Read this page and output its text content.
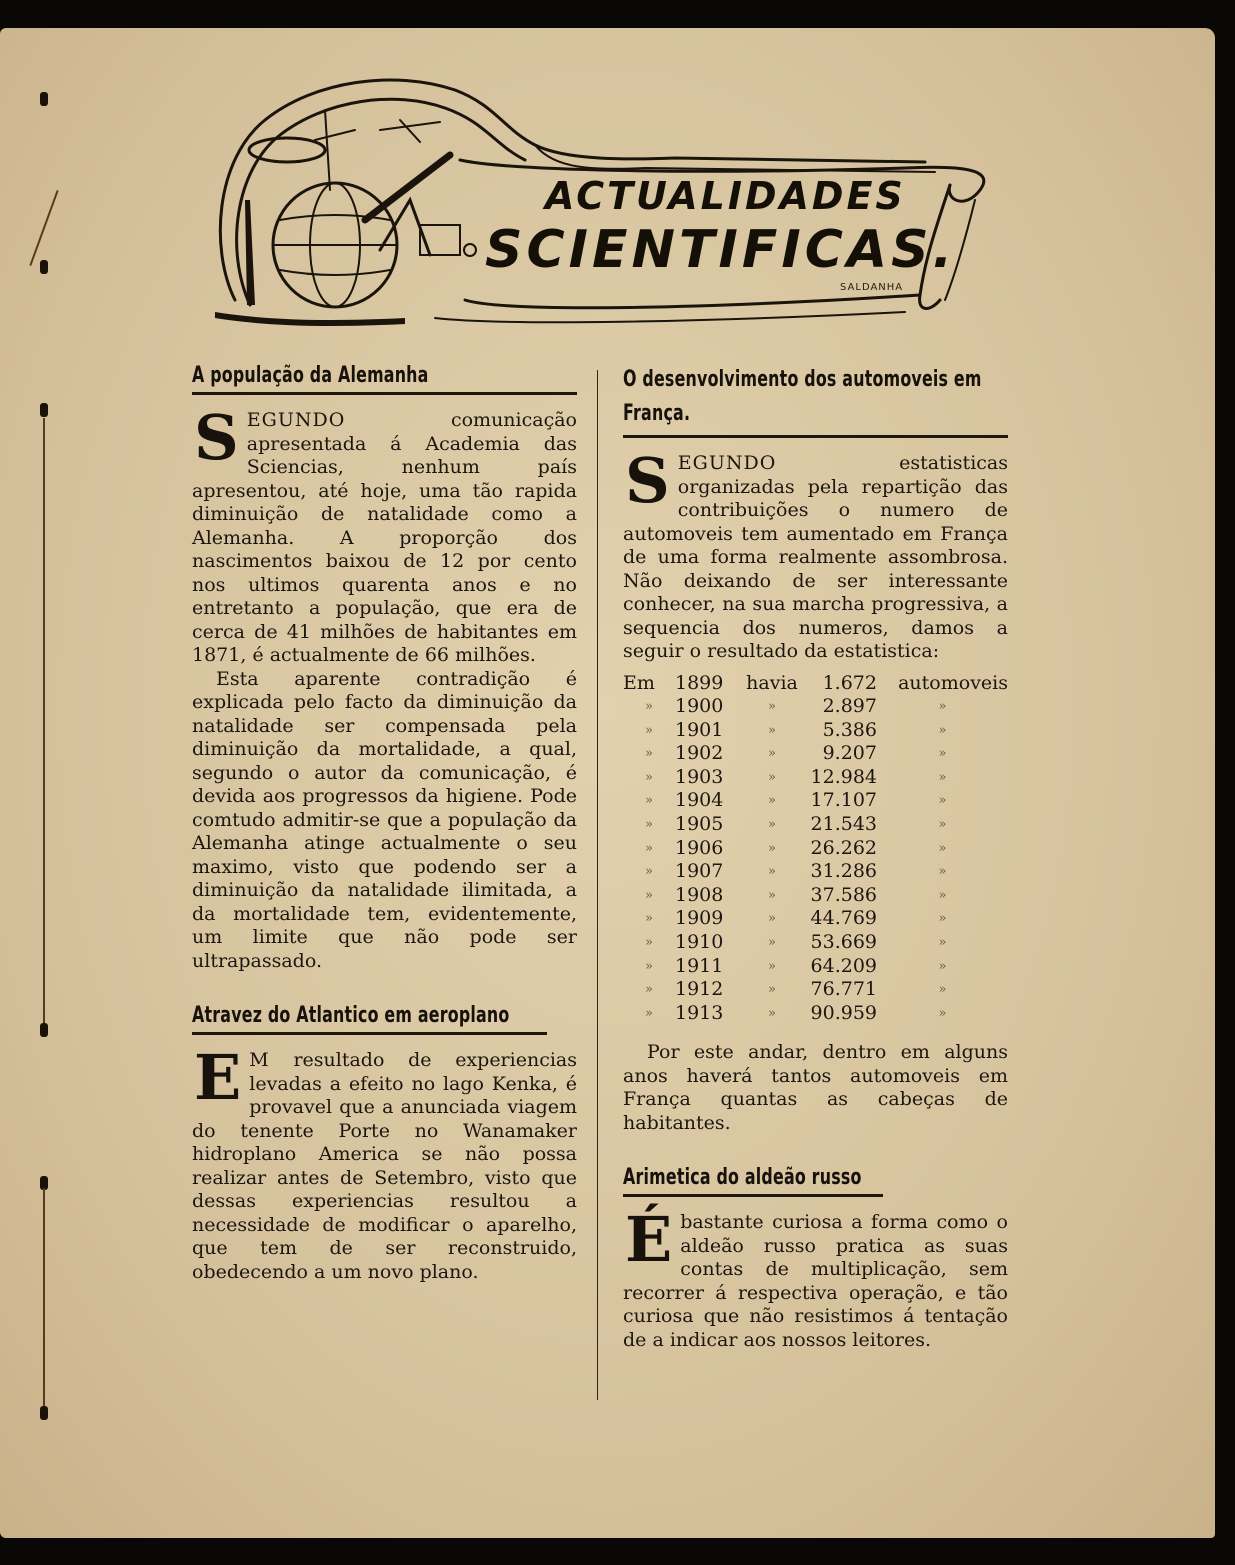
ACTUALIDADES
SCIENTIFICAS.
SALDANHA
A população da Alemanha

SEGUNDO	comunicação apresentada á Academia das Sciencias, nenhum país apresentou, até hoje, uma tão rapida diminuição de natalidade como a Alemanha. A proporção dos nascimentos baixou de 12 por cento nos ultimos quarenta anos e no entretanto a população, que era de cerca de 41 milhões de habitantes em 1871, é actualmente de 66 milhões.

Esta aparente contradição é explicada pelo facto da diminuição da natalidade ser compensada pela diminuição da mortalidade, a qual, segundo o autor da comunicação, é devida aos progressos da higiene. Pode comtudo admitir-se que a população da Alemanha atinge actualmente o seu maximo, visto que podendo ser a diminuição da natalidade ilimitada, a da mortalidade tem, evidentemente, um limite que não pode ser ultrapassado.

Atravez do Atlantico em aeroplano

E M resultado de experiencias levadas a efeito no lago Kenka, é provavel que a anunciada viagem do tenente Porte no Wanamaker hidroplano America se não possa realizar antes de Setembro, visto que dessas experiencias resultou a necessidade de modificar o aparelho, que tem de ser reconstruido, obedecendo a um novo plano.

O desenvolvimento dos automoveis em França.

SEGUNDO	estatisticas organizadas pela repartição das contribuições o numero de automoveis tem aumentado em França de uma forma realmente assombrosa. Não deixando de ser interessante conhecer, na sua marcha progressiva, a sequencia dos numeros, damos a seguir o resultado da estatistica:

Em	1899	havia	1.672	automoveis
»	1900	»	2.897	»
»	1901	»	5.386	»
»	1902	»	9.207	»
»	1903	»	12.984	»
»	1904	»	17.107	»
»	1905	»	21.543	»
»	1906	»	26.262	»
»	1907	»	31.286	»
»	1908	»	37.586	»
»	1909	»	44.769	»
»	1910	»	53.669	»
»	1911	»	64.209	»
»	1912	»	76.771	»
»	1913	»	90.959	»

Por este andar, dentro em alguns anos haverá tantos automoveis em França quantas as cabeças de habitantes.

Arimetica do aldeão russo

Ébastante curiosa a forma como o aldeão russo pratica as suas contas de multiplicação, sem recorrer á respectiva operação, e tão curiosa que não resistimos á tentação de a indicar aos nossos leitores.
